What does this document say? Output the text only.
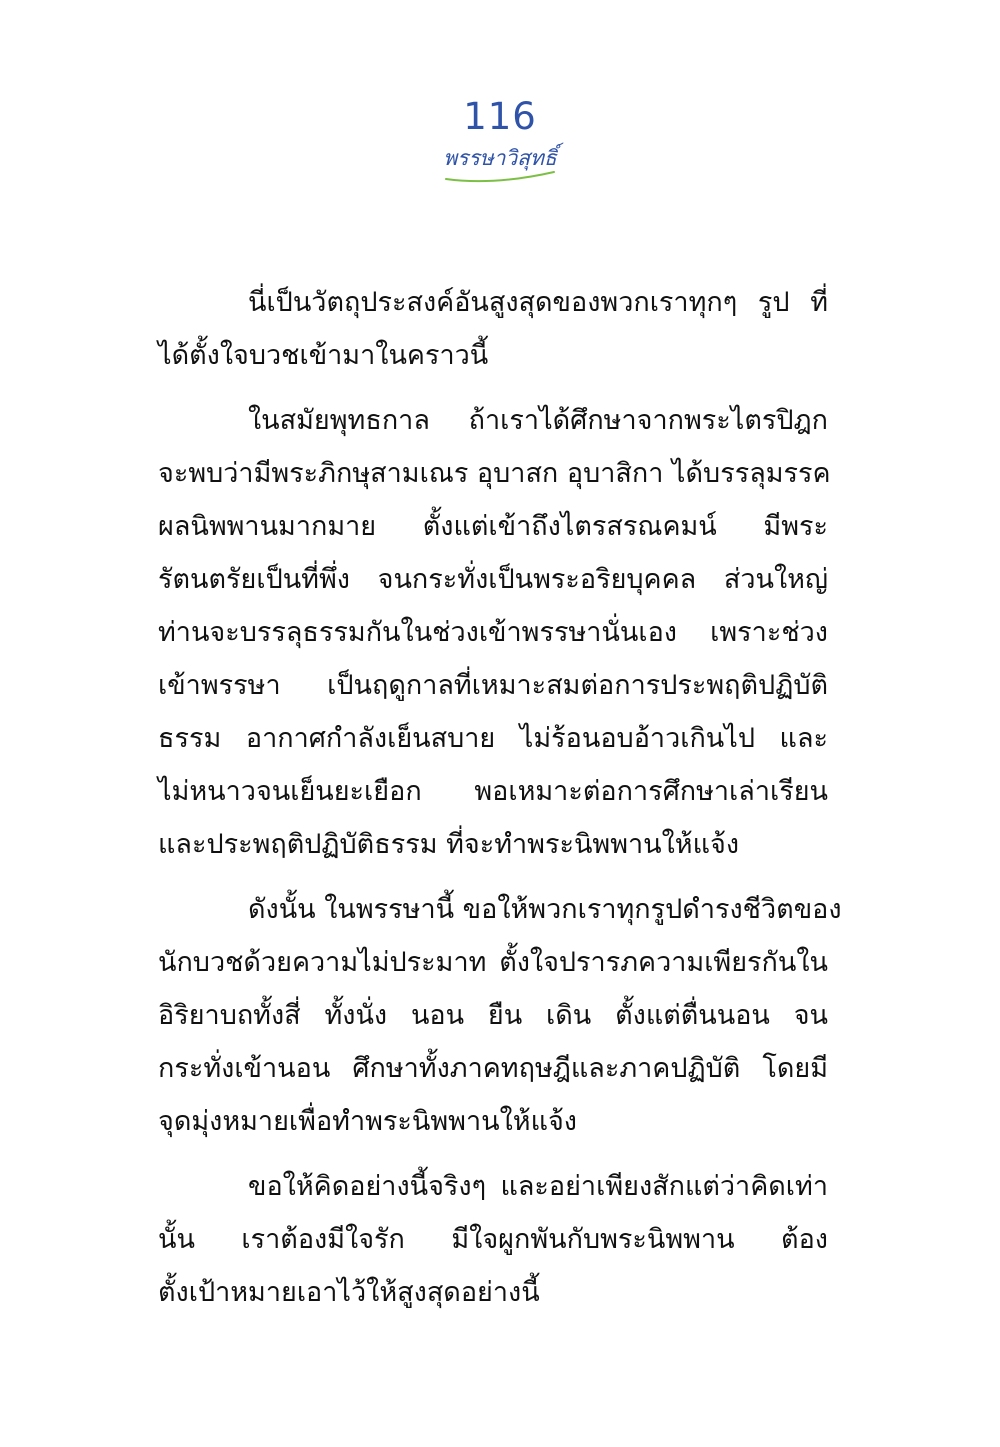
116
พรรษาวิสุทธิ์
นี่เป็นวัตถุประสงค์อันสูงสุดของพวกเราทุกๆ รูป ที่
ได้ตั้งใจบวชเข้ามาในคราวนี้
ในสมัยพุทธกาล ถ้าเราได้ศึกษาจากพระไตรปิฎก
จะพบว่ามีพระภิกษุสามเณร อุบาสก อุบาสิกา ได้บรรลุมรรค
ผลนิพพานมากมาย ตั้งแต่เข้าถึงไตรสรณคมน์ มีพระ
รัตนตรัยเป็นที่พึ่ง จนกระทั่งเป็นพระอริยบุคคล ส่วนใหญ่
ท่านจะบรรลุธรรมกันในช่วงเข้าพรรษานั่นเอง เพราะช่วง
เข้าพรรษา เป็นฤดูกาลที่เหมาะสมต่อการประพฤติปฏิบัติ
ธรรม อากาศกำลังเย็นสบาย ไม่ร้อนอบอ้าวเกินไป และ
ไม่หนาวจนเย็นยะเยือก พอเหมาะต่อการศึกษาเล่าเรียน
และประพฤติปฏิบัติธรรม ที่จะทำพระนิพพานให้แจ้ง
ดังนั้น ในพรรษานี้ ขอให้พวกเราทุกรูปดำรงชีวิตของ
นักบวชด้วยความไม่ประมาท ตั้งใจปรารภความเพียรกันใน
อิริยาบถทั้งสี่ ทั้งนั่ง นอน ยืน เดิน ตั้งแต่ตื่นนอน จน
กระทั่งเข้านอน ศึกษาทั้งภาคทฤษฎีและภาคปฏิบัติ โดยมี
จุดมุ่งหมายเพื่อทำพระนิพพานให้แจ้ง
ขอให้คิดอย่างนี้จริงๆ และอย่าเพียงสักแต่ว่าคิดเท่า
นั้น เราต้องมีใจรัก มีใจผูกพันกับพระนิพพาน ต้อง
ตั้งเป้าหมายเอาไว้ให้สูงสุดอย่างนี้
